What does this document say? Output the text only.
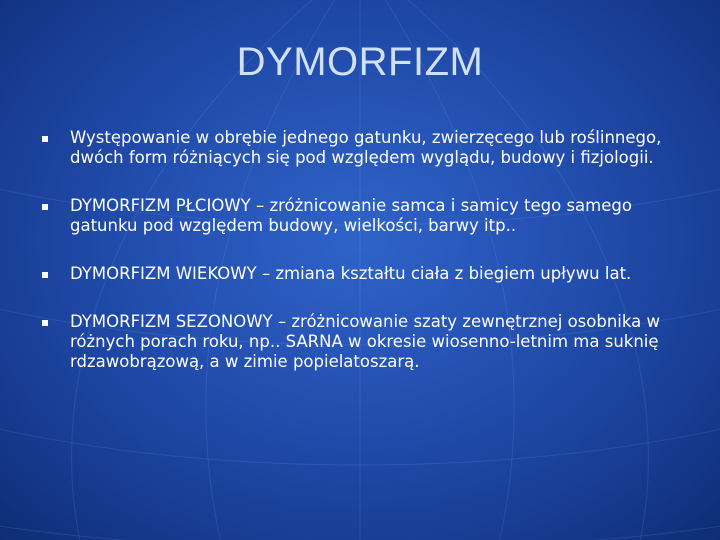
DYMORFIZM
Występowanie w obrębie jednego gatunku, zwierzęcego lub roślinnego, dwóch form różniących się pod względem wyglądu, budowy i fizjologii.
DYMORFIZM PŁCIOWY – zróżnicowanie samca i samicy tego samego gatunku pod względem budowy, wielkości, barwy itp..
DYMORFIZM WIEKOWY – zmiana kształtu ciała z biegiem upływu lat.
DYMORFIZM SEZONOWY – zróżnicowanie szaty zewnętrznej osobnika w różnych porach roku, np.. SARNA w okresie wiosenno-letnim ma suknię rdzawobrązową, a w zimie popielatoszarą.
